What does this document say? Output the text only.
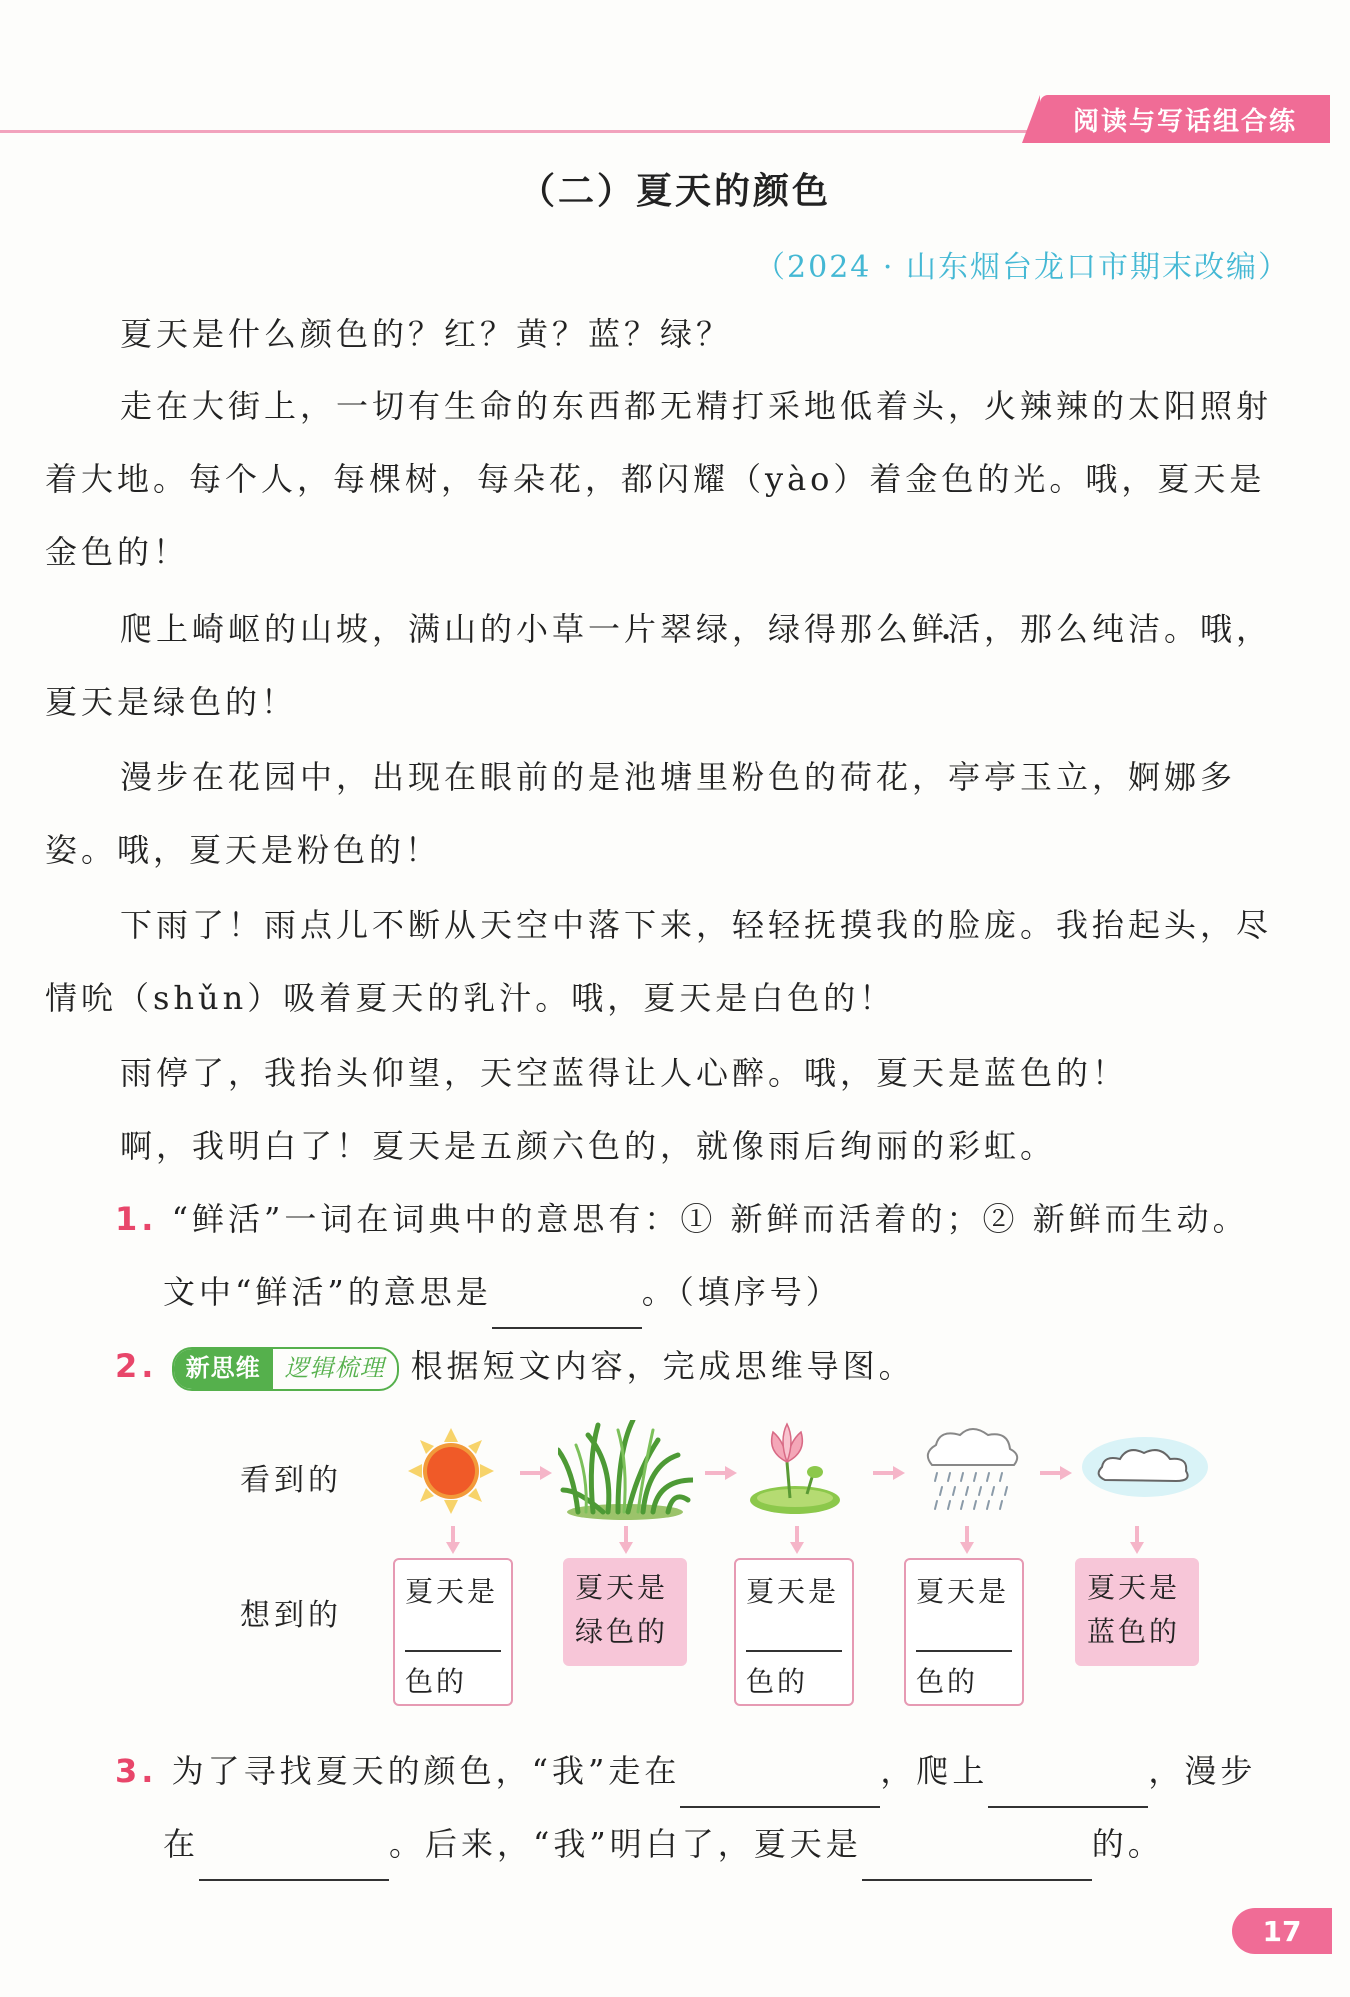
阅读与写话组合练
（二）夏天的颜色
（2024 · 山东烟台龙口市期末改编）

夏天是什么颜色的？红？黄？蓝？绿？

走在大街上，一切有生命的东西都无精打采地低着头，火辣辣的太阳照射着大地。每个人，每棵树，每朵花，都闪耀（yào）着金色的光。哦，夏天是金色的！

爬上崎岖的山坡，满山的小草一片翠绿，绿得那么鲜活 •，那么纯洁。哦，夏天是绿色的！

漫步在花园中，出现在眼前的是池塘里粉色的荷花，亭亭玉立，婀娜多姿。哦，夏天是粉色的！

下雨了！雨点儿不断从天空中落下来，轻轻抚摸我的脸庞。我抬起头，尽情吮（shǔn）吸着夏天的乳汁。哦，夏天是白色的！

雨停了，我抬头仰望，天空蓝得让人心醉。哦，夏天是蓝色的！

啊，我明白了！夏天是五颜六色的，就像雨后绚丽的彩虹。

1. “鲜活”一词在词典中的意思有：① 新鲜而活着的；② 新鲜而生动。

文中“鲜活”的意思是	。（填序号）

2.	新思维	逻辑梳理 根据短文内容，完成思维导图。

看到的
想到的
夏天是
色的
夏天是
绿色的
夏天是
色的
夏天是
色的
夏天是
蓝色的

3. 为了寻找夏天的颜色，“我”走在	，爬上	，漫步

在	。后来，“我”明白了，夏天是	的。

17
